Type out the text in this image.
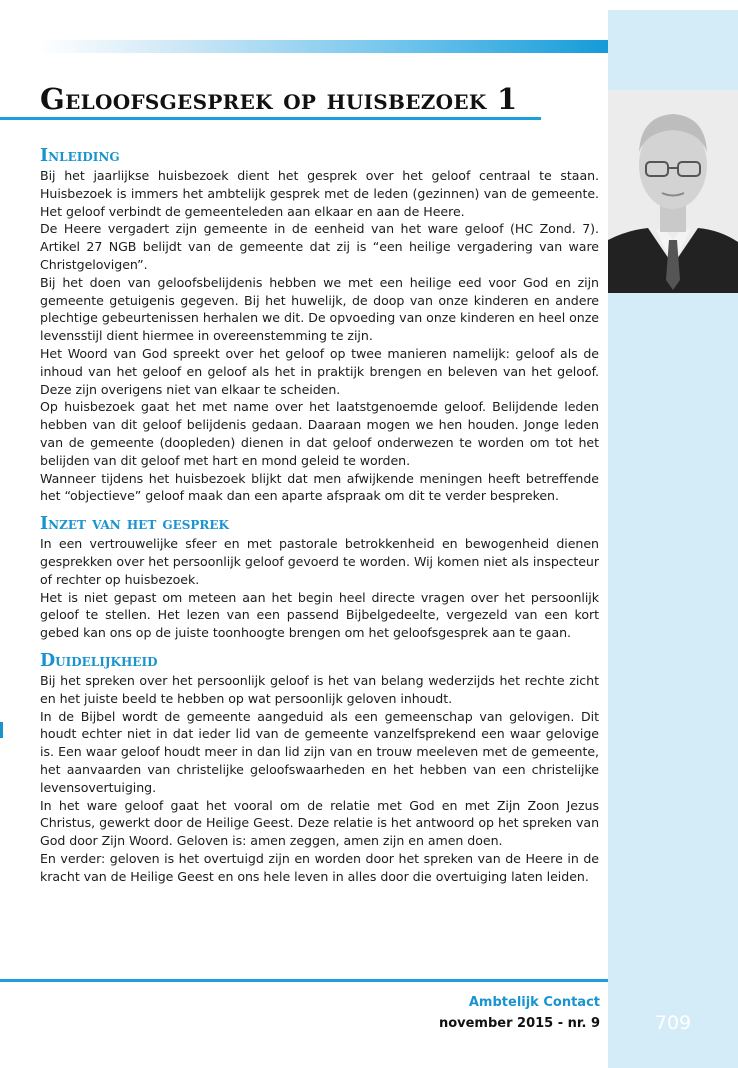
Geloofsgesprek op huisbezoek 1
Inleiding

Bij het jaarlijkse huisbezoek dient het gesprek over het geloof centraal te staan. Huisbezoek is immers het ambtelijk gesprek met de leden (gezinnen) van de gemeente. Het geloof verbindt de gemeenteleden aan elkaar en aan de Heere.

De Heere vergadert zijn gemeente in de eenheid van het ware geloof (HC Zond. 7). Artikel 27 NGB belijdt van de gemeente dat zij is “een heilige vergadering van ware Christgelovigen”.

Bij het doen van geloofsbelijdenis hebben we met een heilige eed voor God en zijn gemeente getuigenis gegeven. Bij het huwelijk, de doop van onze kinderen en andere plechtige gebeurtenissen herhalen we dit. De opvoeding van onze kinderen en heel onze levensstijl dient hiermee in overeenstemming te zijn.

Het Woord van God spreekt over het geloof op twee manieren namelijk: geloof als de inhoud van het geloof en geloof als het in praktijk brengen en beleven van het geloof. Deze zijn overigens niet van elkaar te scheiden.

Op huisbezoek gaat het met name over het laatstgenoemde geloof. Belijdende leden hebben van dit geloof belijdenis gedaan. Daaraan mogen we hen houden. Jonge leden van de gemeente (doopleden) dienen in dat geloof onderwezen te worden om tot het belijden van dit geloof met hart en mond geleid te worden.

Wanneer tijdens het huisbezoek blijkt dat men afwijkende meningen heeft betreffende het “objectieve” geloof maak dan een aparte afspraak om dit te verder bespreken.

Inzet van het gesprek

In een vertrouwelijke sfeer en met pastorale betrokkenheid en bewogenheid dienen gesprekken over het persoonlijk geloof gevoerd te worden. Wij komen niet als inspecteur of rechter op huisbezoek.

Het is niet gepast om meteen aan het begin heel directe vragen over het persoonlijk geloof te stellen. Het lezen van een passend Bijbelgedeelte, vergezeld van een kort gebed kan ons op de juiste toonhoogte brengen om het geloofsgesprek aan te gaan.

Duidelijkheid

Bij het spreken over het persoonlijk geloof is het van belang wederzijds het rechte zicht en het juiste beeld te hebben op wat persoonlijk geloven inhoudt.

In de Bijbel wordt de gemeente aangeduid als een gemeenschap van gelovigen. Dit houdt echter niet in dat ieder lid van de gemeente vanzelfsprekend een waar gelovige is. Een waar geloof houdt meer in dan lid zijn van en trouw meeleven met de gemeente, het aanvaarden van christelijke geloofswaarheden en het hebben van een christelijke levensovertuiging.

In het ware geloof gaat het vooral om de relatie met God en met Zijn Zoon Jezus Christus, gewerkt door de Heilige Geest. Deze relatie is het antwoord op het spreken van God door Zijn Woord. Geloven is: amen zeggen, amen zijn en amen doen.

En verder: geloven is het overtuigd zijn en worden door het spreken van de Heere in de kracht van de Heilige Geest en ons hele leven in alles door die overtuiging laten leiden.

Ambtelijk Contact
november 2015 - nr. 9	709
